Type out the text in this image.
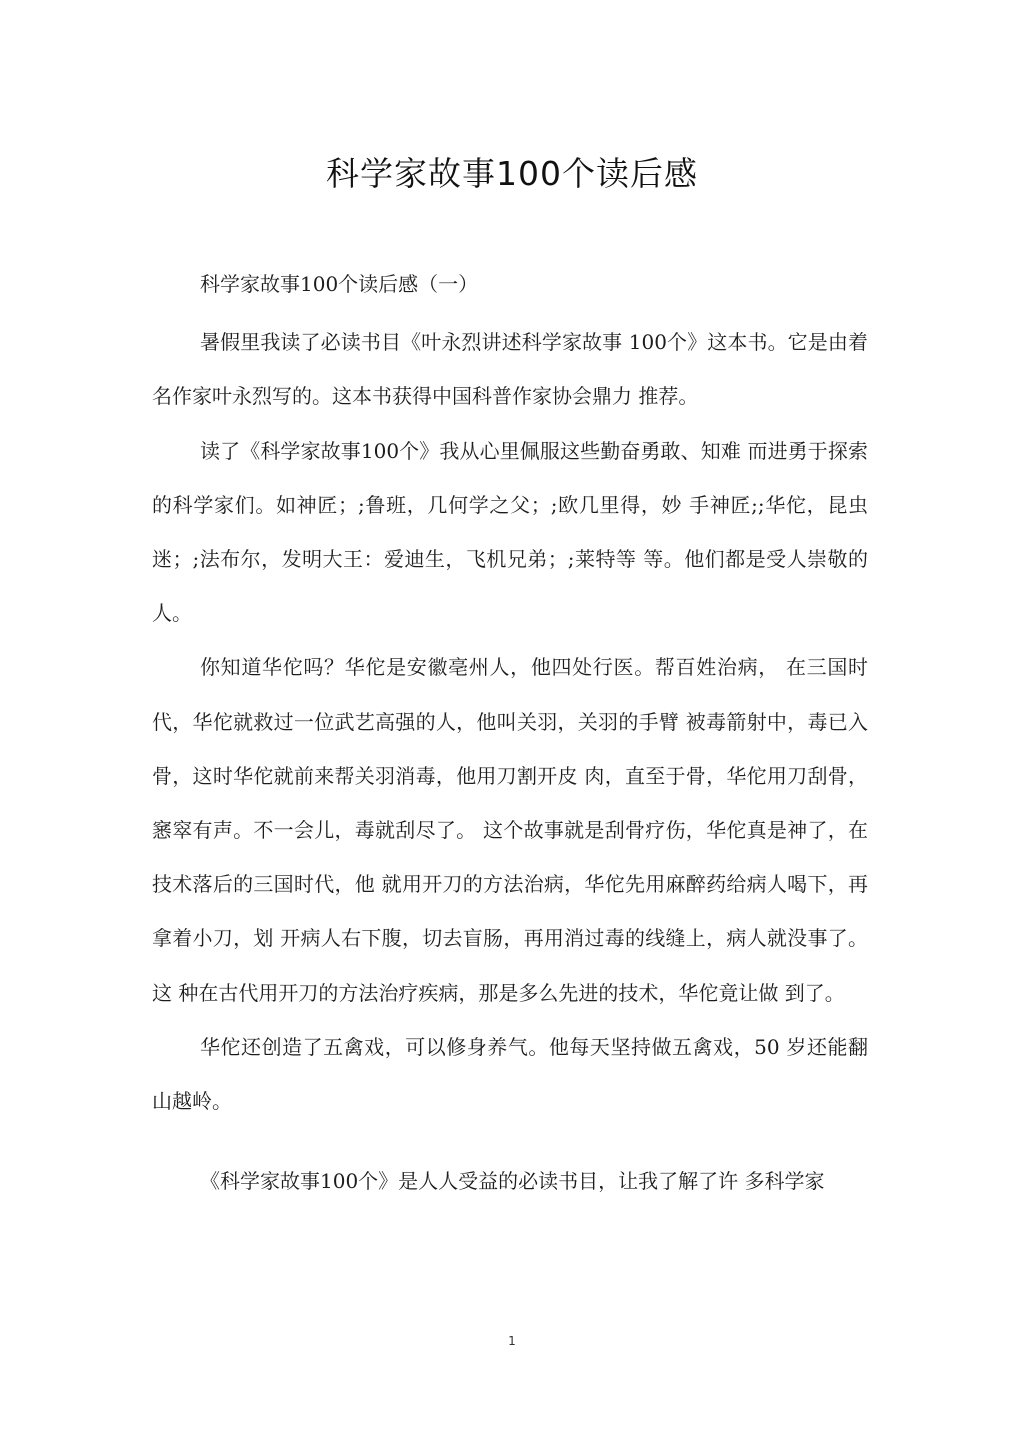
科学家故事100个读后感

科学家故事100个读后感（一）

暑假里我读了必读书目《叶永烈讲述科学家故事 100个》这本书。它是由着名作家叶永烈写的。这本书获得中国科普作家协会鼎力 推荐。

读了《科学家故事100个》我从心里佩服这些勤奋勇敢、知难 而进勇于探索的科学家们。如神匠；;鲁班，几何学之父；;欧几里得，妙 手神匠;;华佗，昆虫迷；;法布尔，发明大王：爱迪生，飞机兄弟；;莱特等 等。他们都是受人崇敬的人。

你知道华佗吗？华佗是安徽亳州人，他四处行医。帮百姓治病， 在三国时代，华佗就救过一位武艺高强的人，他叫关羽，关羽的手臂 被毒箭射中，毒已入骨，这时华佗就前来帮关羽消毒，他用刀割开皮 肉，直至于骨，华佗用刀刮骨，窸窣有声。不一会儿，毒就刮尽了。 这个故事就是刮骨疗伤，华佗真是神了，在技术落后的三国时代，他 就用开刀的方法治病，华佗先用麻醉药给病人喝下，再拿着小刀，划 开病人右下腹，切去盲肠，再用消过毒的线缝上，病人就没事了。这 种在古代用开刀的方法治疗疾病，那是多么先进的技术，华佗竟让做 到了。

华佗还创造了五禽戏，可以修身养气。他每天坚持做五禽戏，50 岁还能翻山越岭。

《科学家故事100个》是人人受益的必读书目，让我了解了许 多科学家

1
